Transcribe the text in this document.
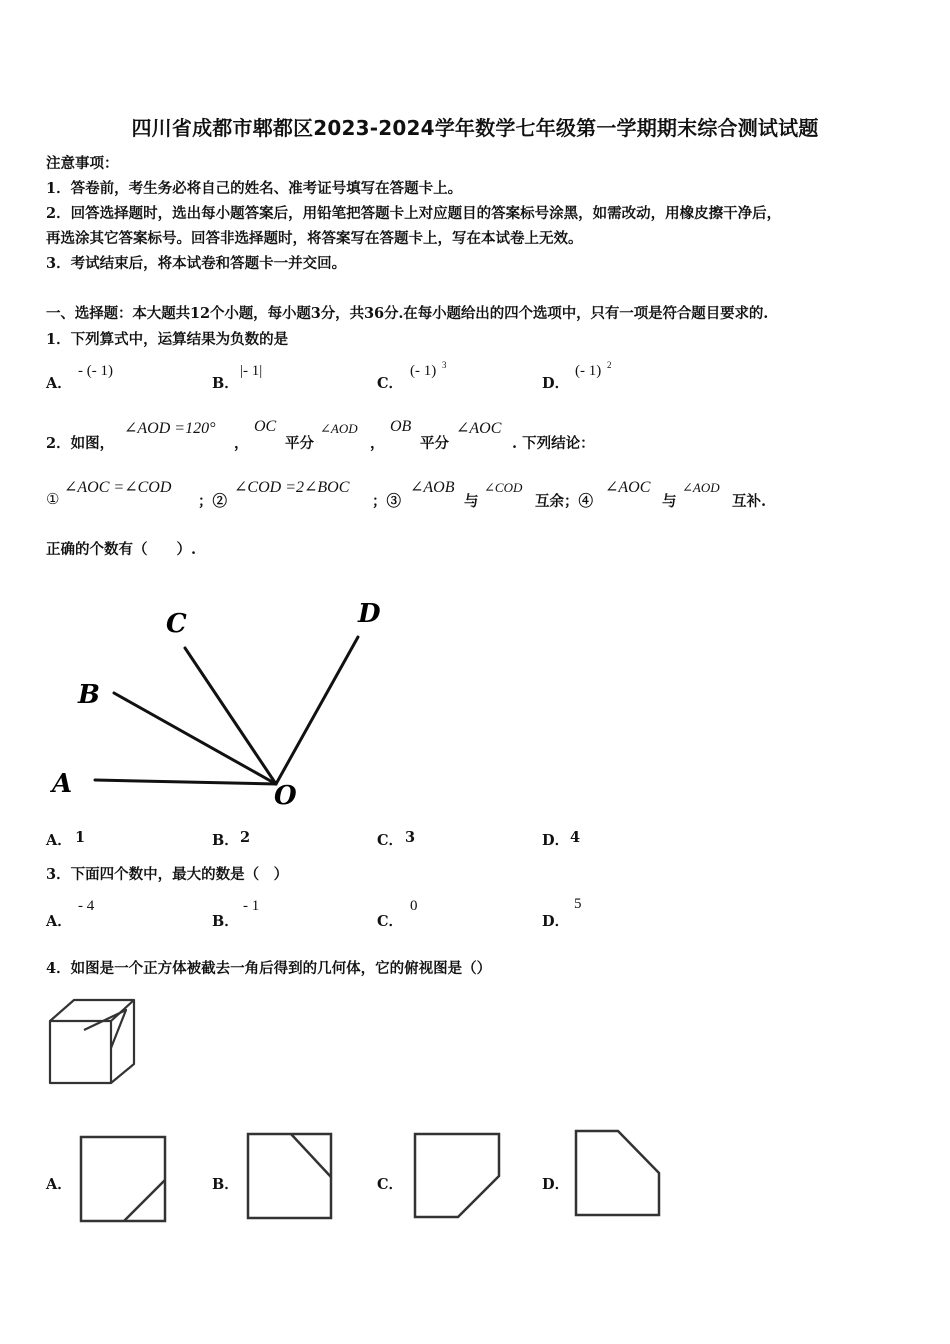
四川省成都市郫都区2023-2024学年数学七年级第一学期期末综合测试试题
注意事项：
1．答卷前，考生务必将自己的姓名、准考证号填写在答题卡上。
2．回答选择题时，选出每小题答案后，用铅笔把答题卡上对应题目的答案标号涂黑，如需改动，用橡皮擦干净后，
再选涂其它答案标号。回答非选择题时，将答案写在答题卡上，写在本试卷上无效。
3．考试结束后，将本试卷和答题卡一并交回。
一、选择题：本大题共12个小题，每小题3分，共36分.在每小题给出的四个选项中，只有一项是符合题目要求的.
1．下列算式中，运算结果为负数的是
A．
- (- 1)
B．
|- 1|
C．
(- 1) 3
D．
(- 1) 2
2．如图，
∠AOD =120°
，
OC
平分
∠AOD
，
OB
平分
∠AOC
. 下列结论：
①
∠AOC =∠COD
；②
∠COD =2∠BOC
；③
∠AOB
与
∠COD
互余；④
∠AOC
与
∠AOD
互补.
正确的个数有（　　）.
A
B
C	D
O
A． 1	B． 2	C． 3	D． 4
3．下面四个数中，最大的数是（　）
A．
- 4
B．
- 1
C．
0
D．
5
4．如图是一个正方体被截去一角后得到的几何体，它的俯视图是（）
A．	B．	C．	D．
